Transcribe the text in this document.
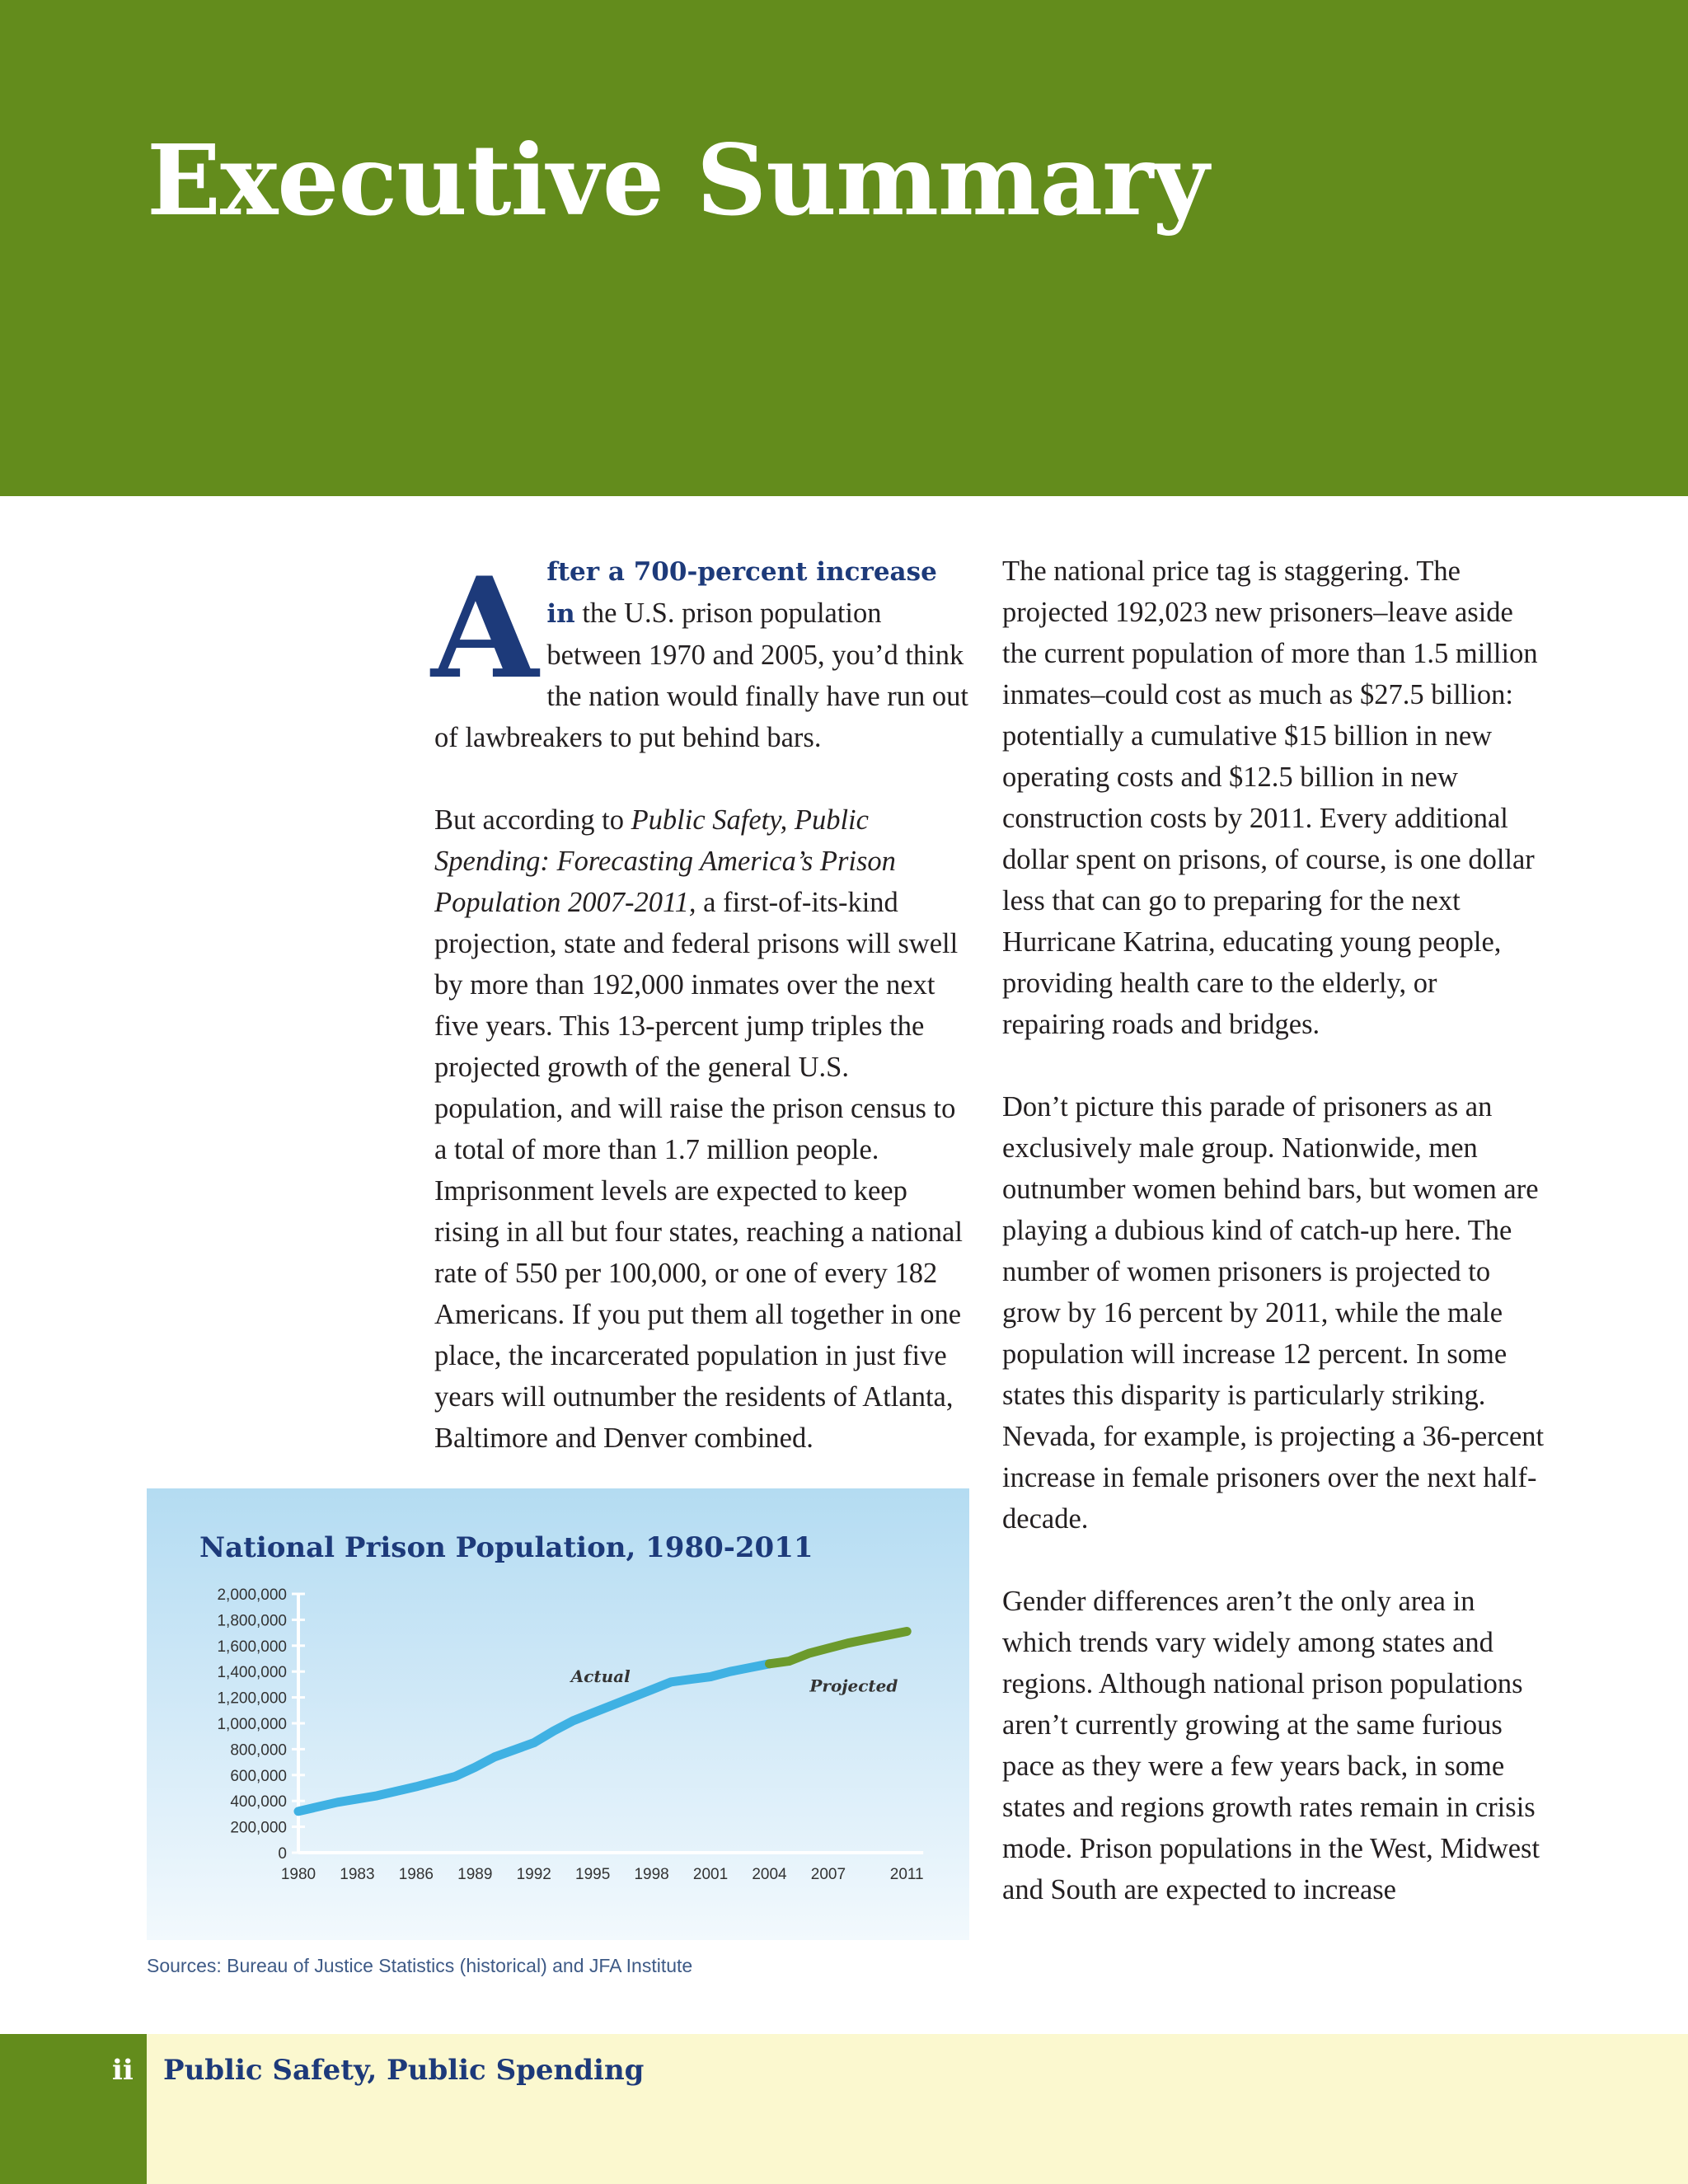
Executive Summary

After a 700-percent increase in the U.S. prison population between 1970 and 2005, you’d think the nation would finally have run out of lawbreakers to put behind bars.

But according to Public Safety, Public Spending: Forecasting America’s Prison Population 2007-2011, a first-of-its-kind projection, state and federal prisons will swell by more than 192,000 inmates over the next five years. This 13-percent jump triples the projected growth of the general U.S. population, and will raise the prison census to a total of more than 1.7 million people. Imprisonment levels are expected to keep rising in all but four states, reaching a national rate of 550 per 100,000, or one of every 182 Americans. If you put them all together in one place, the incarcerated population in just five years will outnumber the residents of Atlanta, Baltimore and Denver combined.

The national price tag is staggering. The projected 192,023 new prisoners–leave aside the current population of more than 1.5 million inmates–could cost as much as $27.5 billion: potentially a cumulative $15 billion in new operating costs and $12.5 billion in new construction costs by 2011. Every additional dollar spent on prisons, of course, is one dollar less that can go to preparing for the next Hurricane Katrina, educating young people, providing health care to the elderly, or repairing roads and bridges.

Don’t picture this parade of prisoners as an exclusively male group. Nationwide, men outnumber women behind bars, but women are playing a dubious kind of catch-up here. The number of women prisoners is projected to grow by 16 percent by 2011, while the male population will increase 12 percent. In some states this disparity is particularly striking. Nevada, for example, is projecting a 36-percent increase in female prisoners over the next half-decade.

Gender differences aren’t the only area in which trends vary widely among states and regions. Although national prison populations aren’t currently growing at the same furious pace as they were a few years back, in some states and regions growth rates remain in crisis mode. Prison populations in the West, Midwest and South are expected to increase

National Prison Population, 1980-2011
0
200,000
400,000
600,000
800,000
1,000,000
1,200,000
1,400,000
1,600,000
1,800,000
2,000,000
1980 1983 1986 1989 1992 1995 1998 2001 2004 2007	2011
Actual	Projected
Sources: Bureau of Justice Statistics (historical) and JFA Institute
ii Public Safety, Public Spending
